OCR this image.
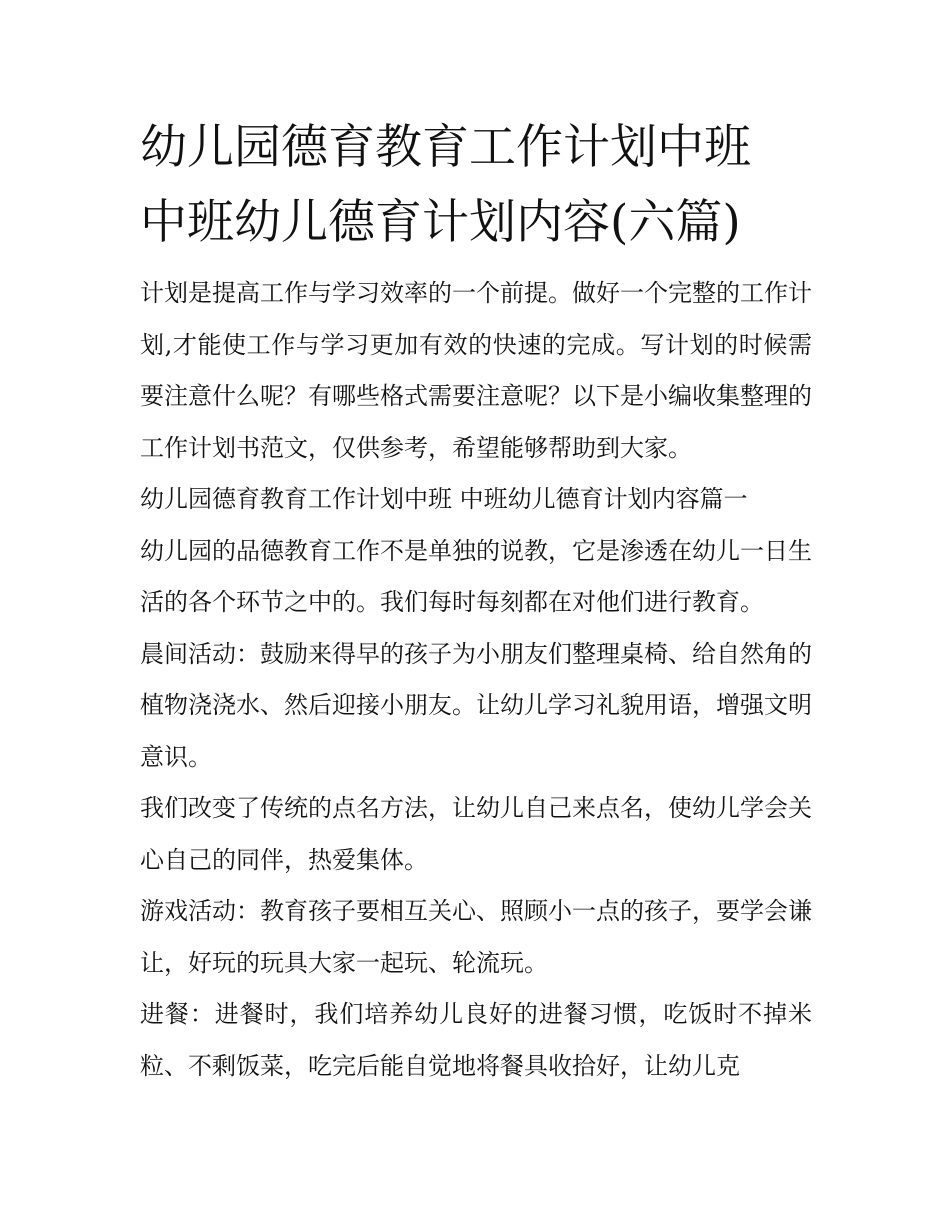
幼儿园德育教育工作计划中班
中班幼儿德育计划内容(六篇)

计划是提高工作与学习效率的一个前提。做好一个完整的工作计划,才能使工作与学习更加有效的快速的完成。写计划的时候需要注意什么呢？有哪些格式需要注意呢？以下是小编收集整理的工作计划书范文，仅供参考，希望能够帮助到大家。

幼儿园德育教育工作计划中班 中班幼儿德育计划内容篇一

幼儿园的品德教育工作不是单独的说教，它是渗透在幼儿一日生活的各个环节之中的。我们每时每刻都在对他们进行教育。

晨间活动：鼓励来得早的孩子为小朋友们整理桌椅、给自然角的植物浇浇水、然后迎接小朋友。让幼儿学习礼貌用语，增强文明意识。

我们改变了传统的点名方法，让幼儿自己来点名，使幼儿学会关心自己的同伴，热爱集体。

游戏活动：教育孩子要相互关心、照顾小一点的孩子，要学会谦让，好玩的玩具大家一起玩、轮流玩。

进餐：进餐时，我们培养幼儿良好的进餐习惯，吃饭时不掉米粒、不剩饭菜，吃完后能自觉地将餐具收拾好，让幼儿克
